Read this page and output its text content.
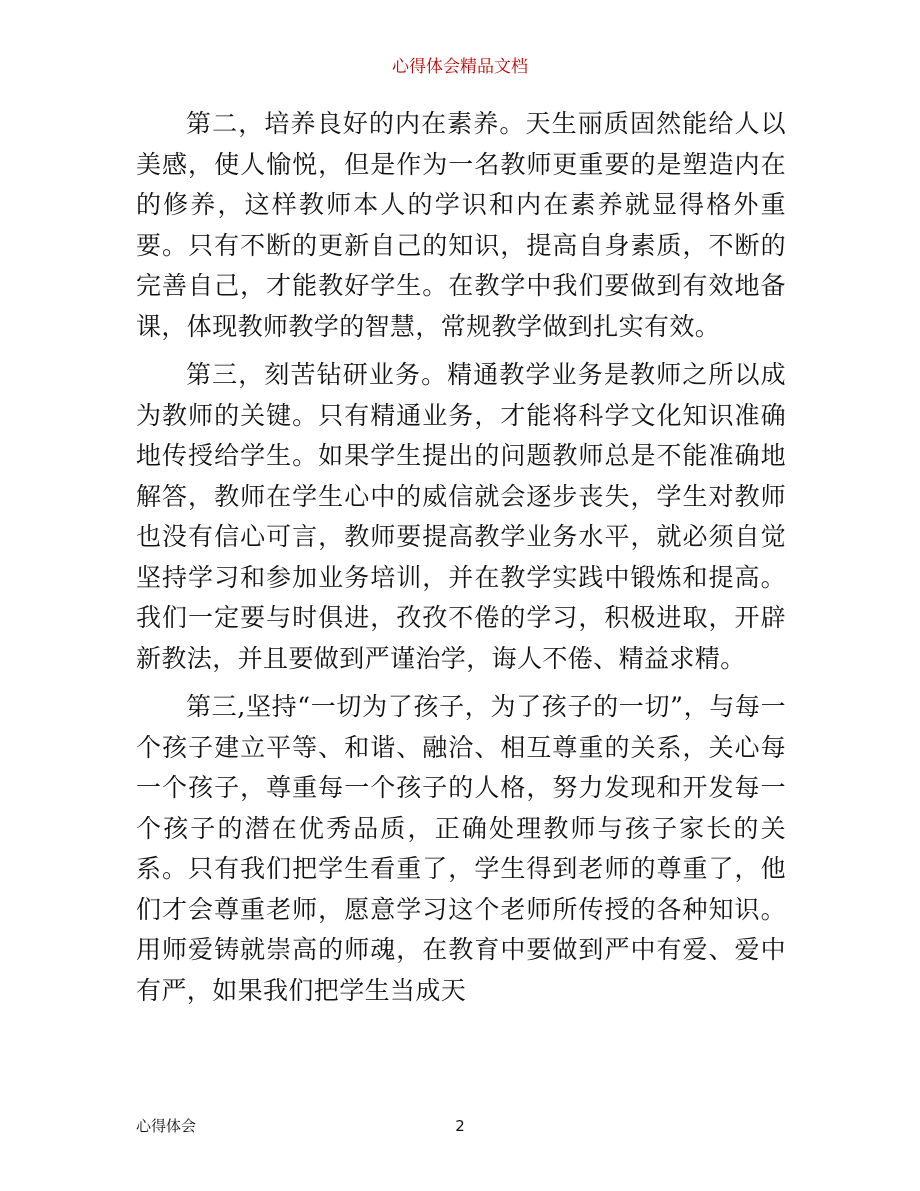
心得体会精品文档

第二，培养良好的内在素养。天生丽质固然能给人以美感，使人愉悦，但是作为一名教师更重要的是塑造内在的修养，这样教师本人的学识和内在素养就显得格外重要。只有不断的更新自己的知识，提高自身素质，不断的完善自己，才能教好学生。在教学中我们要做到有效地备课，体现教师教学的智慧，常规教学做到扎实有效。

第三，刻苦钻研业务。精通教学业务是教师之所以成为教师的关键。只有精通业务，才能将科学文化知识准确地传授给学生。如果学生提出的问题教师总是不能准确地解答，教师在学生心中的威信就会逐步丧失，学生对教师也没有信心可言，教师要提高教学业务水平，就必须自觉坚持学习和参加业务培训，并在教学实践中锻炼和提高。我们一定要与时俱进，孜孜不倦的学习，积极进取，开辟新教法，并且要做到严谨治学，诲人不倦、精益求精。

第三,坚持“一切为了孩子，为了孩子的一切”，与每一个孩子建立平等、和谐、融洽、相互尊重的关系，关心每一个孩子，尊重每一个孩子的人格，努力发现和开发每一个孩子的潜在优秀品质，正确处理教师与孩子家长的关系。只有我们把学生看重了，学生得到老师的尊重了，他们才会尊重老师，愿意学习这个老师所传授的各种知识。用师爱铸就崇高的师魂，在教育中要做到严中有爱、爱中有严，如果我们把学生当成天

心得体会	2
